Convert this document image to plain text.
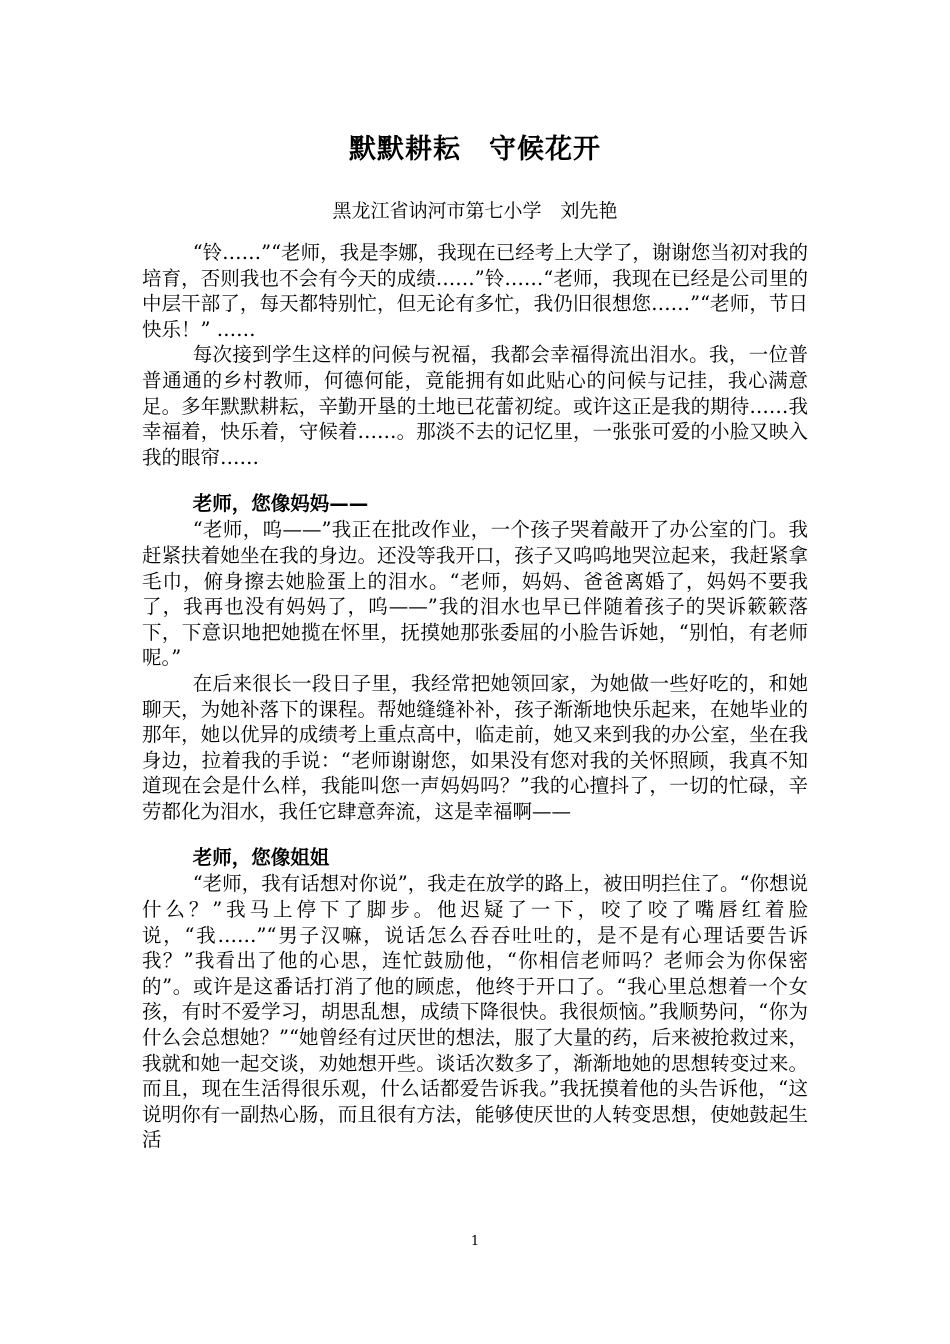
默默耕耘　守候花开
黑龙江省讷河市第七小学　刘先艳

“铃……”“老师，我是李娜，我现在已经考上大学了，谢谢您当初对我的培育，否则我也不会有今天的成绩……”铃……“老师，我现在已经是公司里的中层干部了，每天都特别忙，但无论有多忙，我仍旧很想您……”“老师，节日快乐！” ……

每次接到学生这样的问候与祝福，我都会幸福得流出泪水。我，一位普普通通的乡村教师，何德何能，竟能拥有如此贴心的问候与记挂，我心满意足。多年默默耕耘，辛勤开垦的土地已花蕾初绽。或许这正是我的期待……我幸福着，快乐着，守候着……。那淡不去的记忆里，一张张可爱的小脸又映入我的眼帘……

老师，您像妈妈——

“老师，呜——”我正在批改作业，一个孩子哭着敲开了办公室的门。我赶紧扶着她坐在我的身边。还没等我开口，孩子又呜呜地哭泣起来，我赶紧拿毛巾，俯身擦去她脸蛋上的泪水。“老师，妈妈、爸爸离婚了，妈妈不要我了，我再也没有妈妈了，呜——”我的泪水也早已伴随着孩子的哭诉簌簌落下，下意识地把她揽在怀里，抚摸她那张委屈的小脸告诉她，“别怕，有老师呢。”

在后来很长一段日子里，我经常把她领回家，为她做一些好吃的，和她聊天，为她补落下的课程。帮她缝缝补补，孩子渐渐地快乐起来，在她毕业的那年，她以优异的成绩考上重点高中，临走前，她又来到我的办公室，坐在我身边，拉着我的手说：“老师谢谢您，如果没有您对我的关怀照顾，我真不知道现在会是什么样，我能叫您一声妈妈吗？”我的心擅抖了，一切的忙碌，辛劳都化为泪水，我任它肆意奔流，这是幸福啊——

老师，您像姐姐

“老师，我有话想对你说”，我走在放学的路上，被田明拦住了。“你想说什么？”我马上停下了脚步。他迟疑了一下，咬了咬了嘴唇红着脸说，“我……”“男子汉嘛，说话怎么吞吞吐吐的，是不是有心理话要告诉我？”我看出了他的心思，连忙鼓励他，“你相信老师吗？老师会为你保密的”。或许是这番话打消了他的顾虑，他终于开口了。“我心里总想着一个女孩，有时不爱学习，胡思乱想，成绩下降很快。我很烦恼。”我顺势问，“你为什么会总想她？”“她曾经有过厌世的想法，服了大量的药，后来被抢救过来，我就和她一起交谈，劝她想开些。谈话次数多了，渐渐地她的思想转变过来。而且，现在生活得很乐观，什么话都爱告诉我。”我抚摸着他的头告诉他，“这说明你有一副热心肠，而且很有方法，能够使厌世的人转变思想，使她鼓起生活

1
